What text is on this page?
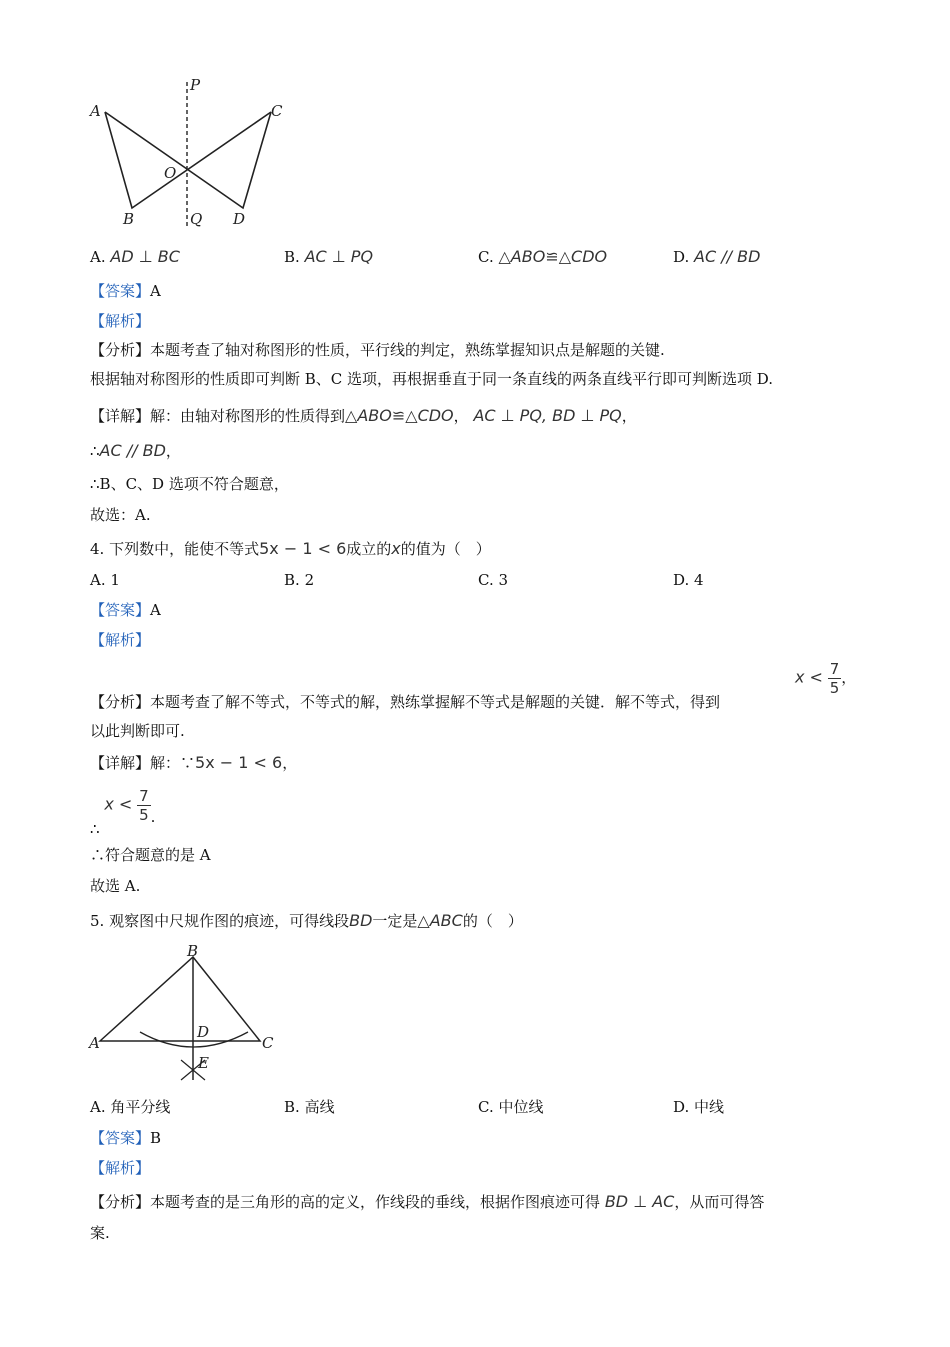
P
A	C
O
B	Q D
A. AD ⊥ BC	B. AC ⊥ PQ	C. △ABO≌△CDO	D. AC // BD
【答案】A
【解析】
【分析】本题考查了轴对称图形的性质，平行线的判定，熟练掌握知识点是解题的关键.
根据轴对称图形的性质即可判断 B、C 选项，再根据垂直于同一条直线的两条直线平行即可判断选项 D.
【详解】解：由轴对称图形的性质得到△ABO≌△CDO， AC ⊥ PQ, BD ⊥ PQ，
∴AC // BD，
∴B、C、D 选项不符合题意，
故选：A.
4. 下列数中，能使不等式5x − 1 < 6成立的x的值为（　）
A. 1	B. 2	C. 3	D. 4
【答案】A
【解析】
【分析】本题考查了解不等式，不等式的解，熟练掌握解不等式是解题的关键．解不等式，得到
$x < \frac{7}{5}$ ，
以此判断即可.
【详解】解：∵5x − 1 < 6，
∴ $x < \frac{7}{5}$ .
∴符合题意的是 A
故选 A.
5. 观察图中尺规作图的痕迹，可得线段BD一定是△ABC的（　）
B
A
D
C
E
A. 角平分线	B. 高线	C. 中位线	D. 中线
【答案】B
【解析】
【分析】本题考查的是三角形的高的定义，作线段的垂线，根据作图痕迹可得 BD ⊥ AC，从而可得答
案.
